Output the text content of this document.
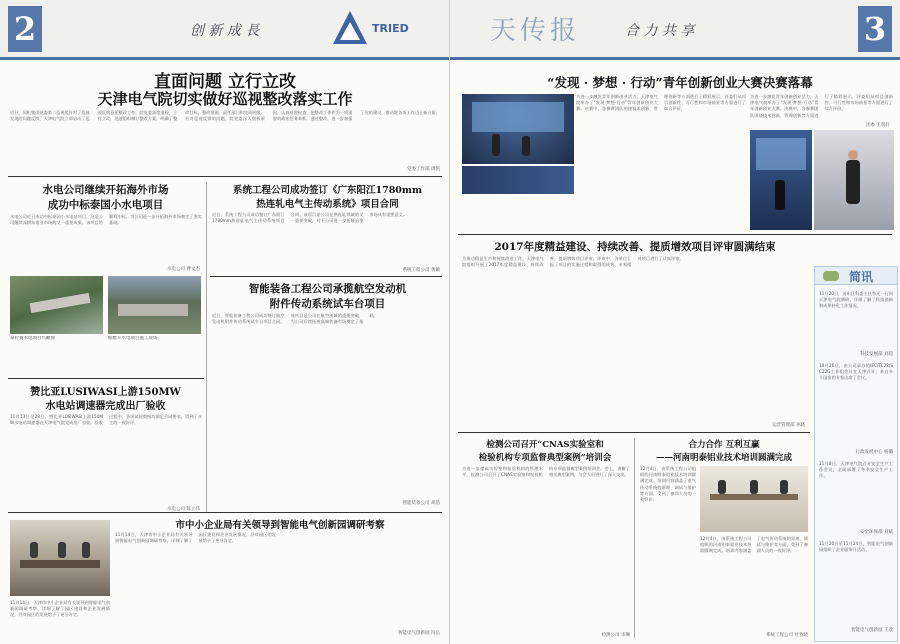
2	创 新 成 長	TRIED
直面问题 立行立改
天津电气院切实做好巡视整改落实工作
近日，国机集团党委第二巡视组针对了巡视发现的问题反馈，天津电气院立即启动了巡视反馈意见整改工作。院党委高度重视，立行立改，迅速组织制订整改方案，明确了整改目标、整改措施、责任部门和完成时限。针对巡视反馈的问题，院党委深入剖析原因，认真对照检查，把整改工作作为一项重要的政治任务来抓。通过整改，进一步加强了党的建设，推动院各项工作迈上新台阶。
党委工作部 周凯
水电公司继续开拓海外市场
成功中标泰国小水电项目
水电公司近日成功中标泰国小水电站项目，这是公司继续深耕东南亚市场的又一重要成果。该项目的顺利中标，为公司进一步开拓海外市场奠定了坚实基础。
水电公司 曹文杰
泰拉赛水电项目鸟瞰图	帕雅开水电项目施工现场
赞比亚LUSIWASI上游150MW
水电站调速器完成出厂验收
11月13日至28日，赞比亚LUSIWASI上游150MW水电站调速器在天津电气院完成出厂验收。验收过程中，各项试验数据均满足合同要求，得到了业主的一致好评。
水电公司 陈立伟
系统工程公司成功签订《广东阳江1780mm
热连轧电气主传动系统》项目合同
近日，系统工程公司成功签订广东阳江1780mm热连轧电气主传动系统项目合同。该项目是公司在热连轧领域的又一重要突破，对于公司进一步拓展冶金市场具有重要意义。
系统工程公司 黄颖
智能装备工程公司承揽航空发动机
附件传动系统试车台项目
近日，智能装备工程公司成功签订航空发动机附件传动系统试车台项目合同。该项目是公司在航空领域的重要突破，为公司后续拓展高端装备市场奠定了基础。
智能装备公司 胡浩
市中小企业局有关领导到智能电气创新园调研考察
11月14日，天津市中小企业局有关领导到智能电气创新园调研考察，详细了解了园区建设和企业发展情况，并对园区的发展给予了充分肯定。
11月14日，天津市中小企业局有关领导到智能电气创新园调研考察，详细了解了园区建设和企业发展情况，并对园区的发展给予了充分肯定。
智能电气创新园 冯岳
天传报	合 力 共 享	3
“发现 · 梦想 · 行动”青年创新创业大赛决赛落幕
为进一步激发青年创新创业活力，天津电气院举办了“发现·梦想·行动”青年创新创业大赛。决赛中，各参赛团队围绕技术创新、管理创新等方面进行了精彩展示，评委们从项目创新性、可行性和市场前景等方面进行了综合评价。
为进一步激发青年创新创业活力，天津电气院举办了“发现·梦想·行动”青年创新创业大赛。决赛中，各参赛团队围绕技术创新、管理创新等方面进行了精彩展示，评委们从项目创新性、可行性和市场前景等方面进行了综合评价。
团委 王瑞轩
2017年度精益建设、持续改善、提质增效项目评审圆满结束
为推动精益生产和持续改进工作，天津电气院组织开展了2017年度精益建设、持续改善、提质增效项目评审。评审中，各单位汇报了项目的实施过程和取得的成效，专家组对项目进行了认真评审。
运营管理部 孙晓
检测公司召开“CNAS实验室和
检验机构专项监督典型案例”培训会
为进一步提高实验室和检验机构的管理水平，检测公司召开了CNAS实验室和检验机构专项监督典型案例培训会。会上，讲解了相关典型案例，与会人员进行了深入交流。
检测公司 李琳
合力合作 互利互赢
——河南明泰铝业技术培训圆满完成
12月4日，由系统工程公司组织的河南明泰铝业技术培训圆满完成。培训内容涵盖了电气传动系统的原理、调试与维护等方面，受到了参训人员的一致好评。
12月4日，由系统工程公司组织的河南明泰铝业技术培训圆满完成。培训内容涵盖了电气传动系统的原理、调试与维护等方面，受到了参训人员的一致好评。
系统工程公司 杜春晓
简讯
11月20日，河东区科委主任李光一行到天津电气院调研，详细了解了科技创新和成果转化工作情况。
科技发展部 刘超
10月26日，由公司承办的IEC/TC22/SC22G工作组会议在天津召开，来自多个国家的专家出席了会议。
行政发展中心 杨璐
11月8日，天津电气院召开安全生产工作会议，全面部署了冬季安全生产工作。
安全环保部 刘斌
11月20日至11月24日，智能电气创新园组织了企业服务月活动。
智能电气创新园 王欢
